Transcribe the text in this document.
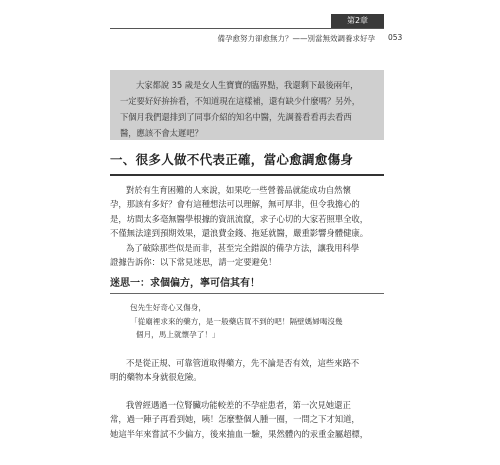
第2章
備孕愈努力卻愈無力？——別當無效調養求好孕 053
大家都說 35 歲是女人生寶寶的臨界點，我還剩下最後兩年，
一定要好好拚拚看，不知道現在這樣補，還有缺少什麼嗎？另外，
下個月我們還排到了同事介紹的知名中醫，先調養看看再去看西
醫，應該不會太遲吧？
一、很多人做不代表正確，當心愈調愈傷身
對於有生育困難的人來說，如果吃一些營養品就能成功自然懷
孕，那該有多好？會有這種想法可以理解，無可厚非，但令我擔心的
是，坊間太多毫無醫學根據的資訊流竄，求子心切的大家若照單全收，
不僅無法達到預期效果，還浪費金錢、拖延就醫，嚴重影響身體健康。
為了破除那些似是而非，甚至完全錯誤的備孕方法，讓我用科學
證據告訴你：以下常見迷思，請一定要避免！
迷思一：求個偏方，寧可信其有！
包先生好奇心又傷身，
「從廟裡求來的藥方，是一般藥店買不到的吧！隔壁媽婦喝沒幾
個月，馬上就懷孕了！」
不是從正規、可靠管道取得藥方，先不論是否有效，這些來路不
明的藥物本身就很危險。
我曾經遇過一位腎臟功能較差的不孕症患者，第一次見她還正
常，過一陣子再看到她，咦！怎麼整個人腫一圈，一問之下才知道，
她這半年來嘗試不少偏方，後來抽血一驗，果然體內的汞重金屬超標，
